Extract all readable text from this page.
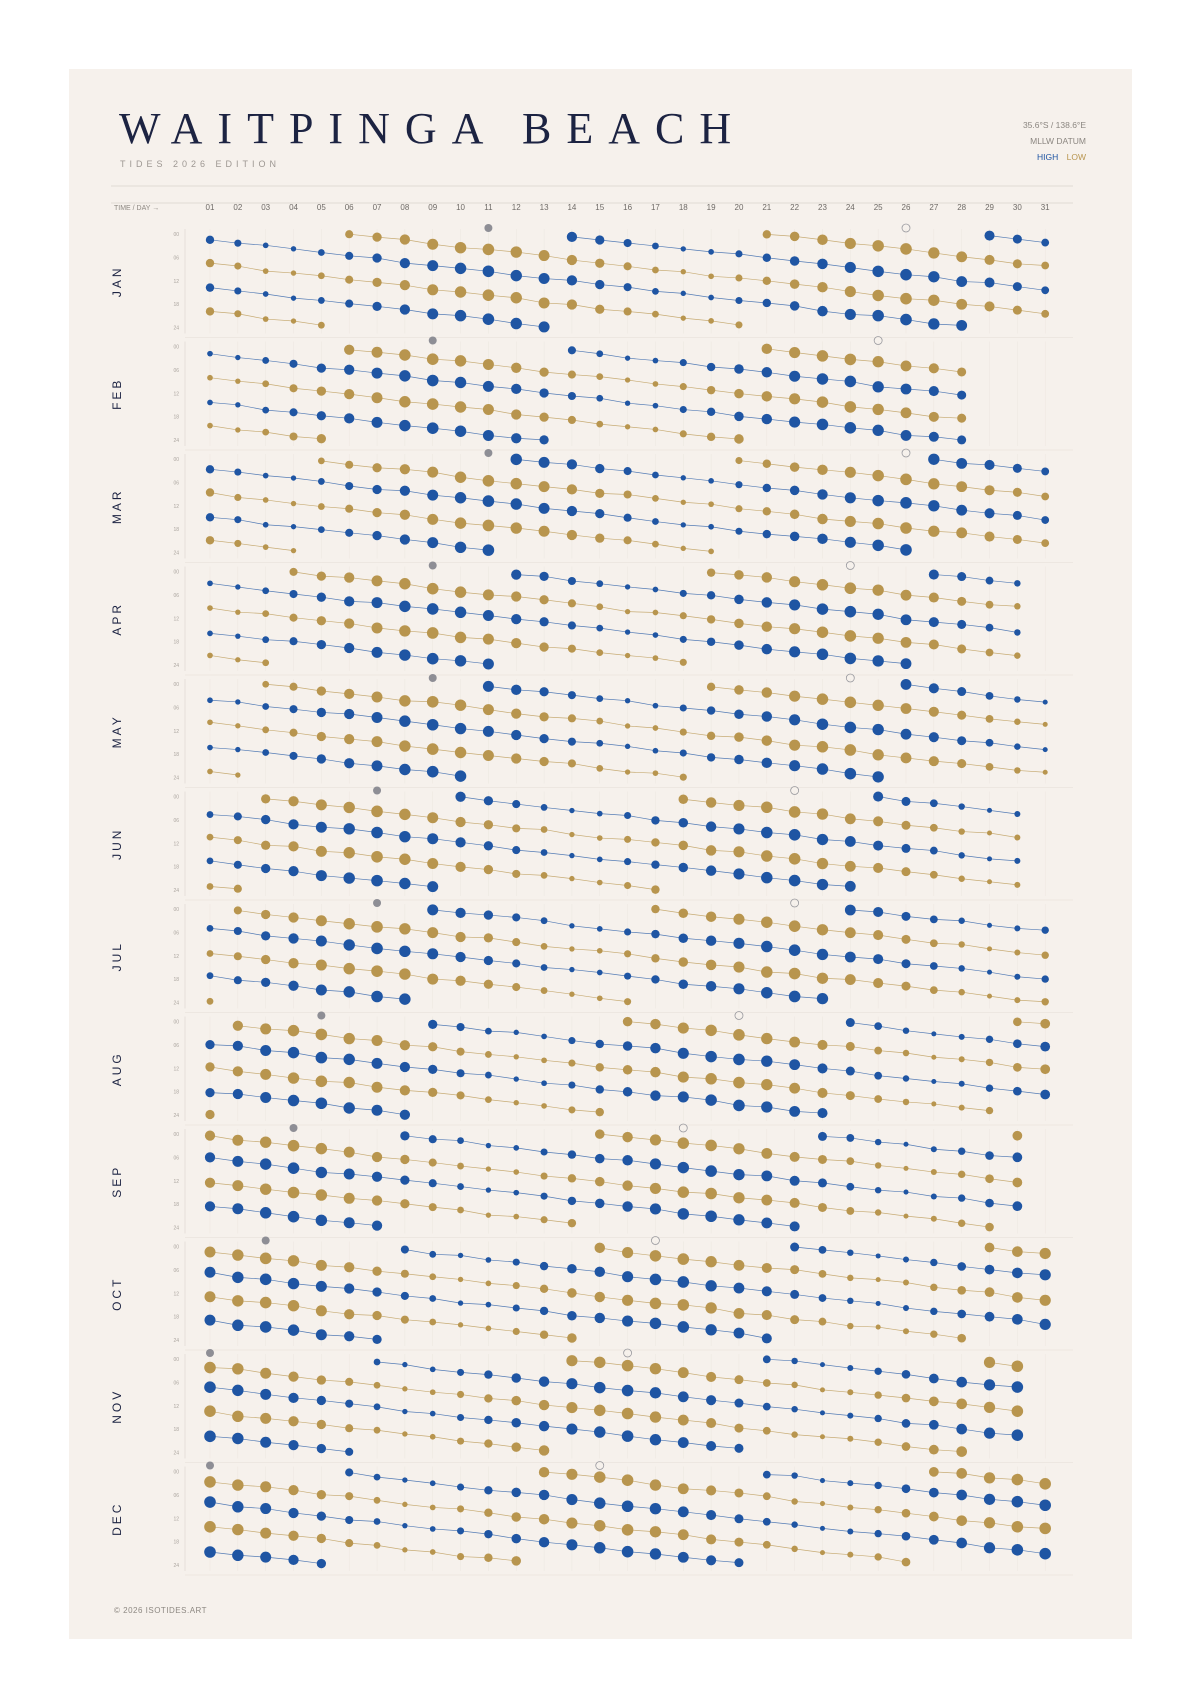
WAITPINGA BEACH
TIDES 2026 EDITION
35.6°S / 138.6°E
MLLW DATUM
HIGH LOW
TIME / DAY →	01 02 03 04 05 06 07 08 09 10 11 12 13 14 15 16 17 18 19 20 21 22 23 24 25 26 27 28 29 30 31
00
06
12
18
24
JAN
00
06
12
18
24
FEB
00
06
12
18
24
MAR
00
06
12
18
24
APR
00
06
12
18
24
MAY
00
06
12
18
24
JUN
00
06
12
18
24
JUL
00
06
12
18
24
AUG
00
06
12
18
24
SEP
00
06
12
18
24
OCT
00
06
12
18
24
NOV
00
06
12
18
24
DEC
© 2026 ISOTIDES.ART
